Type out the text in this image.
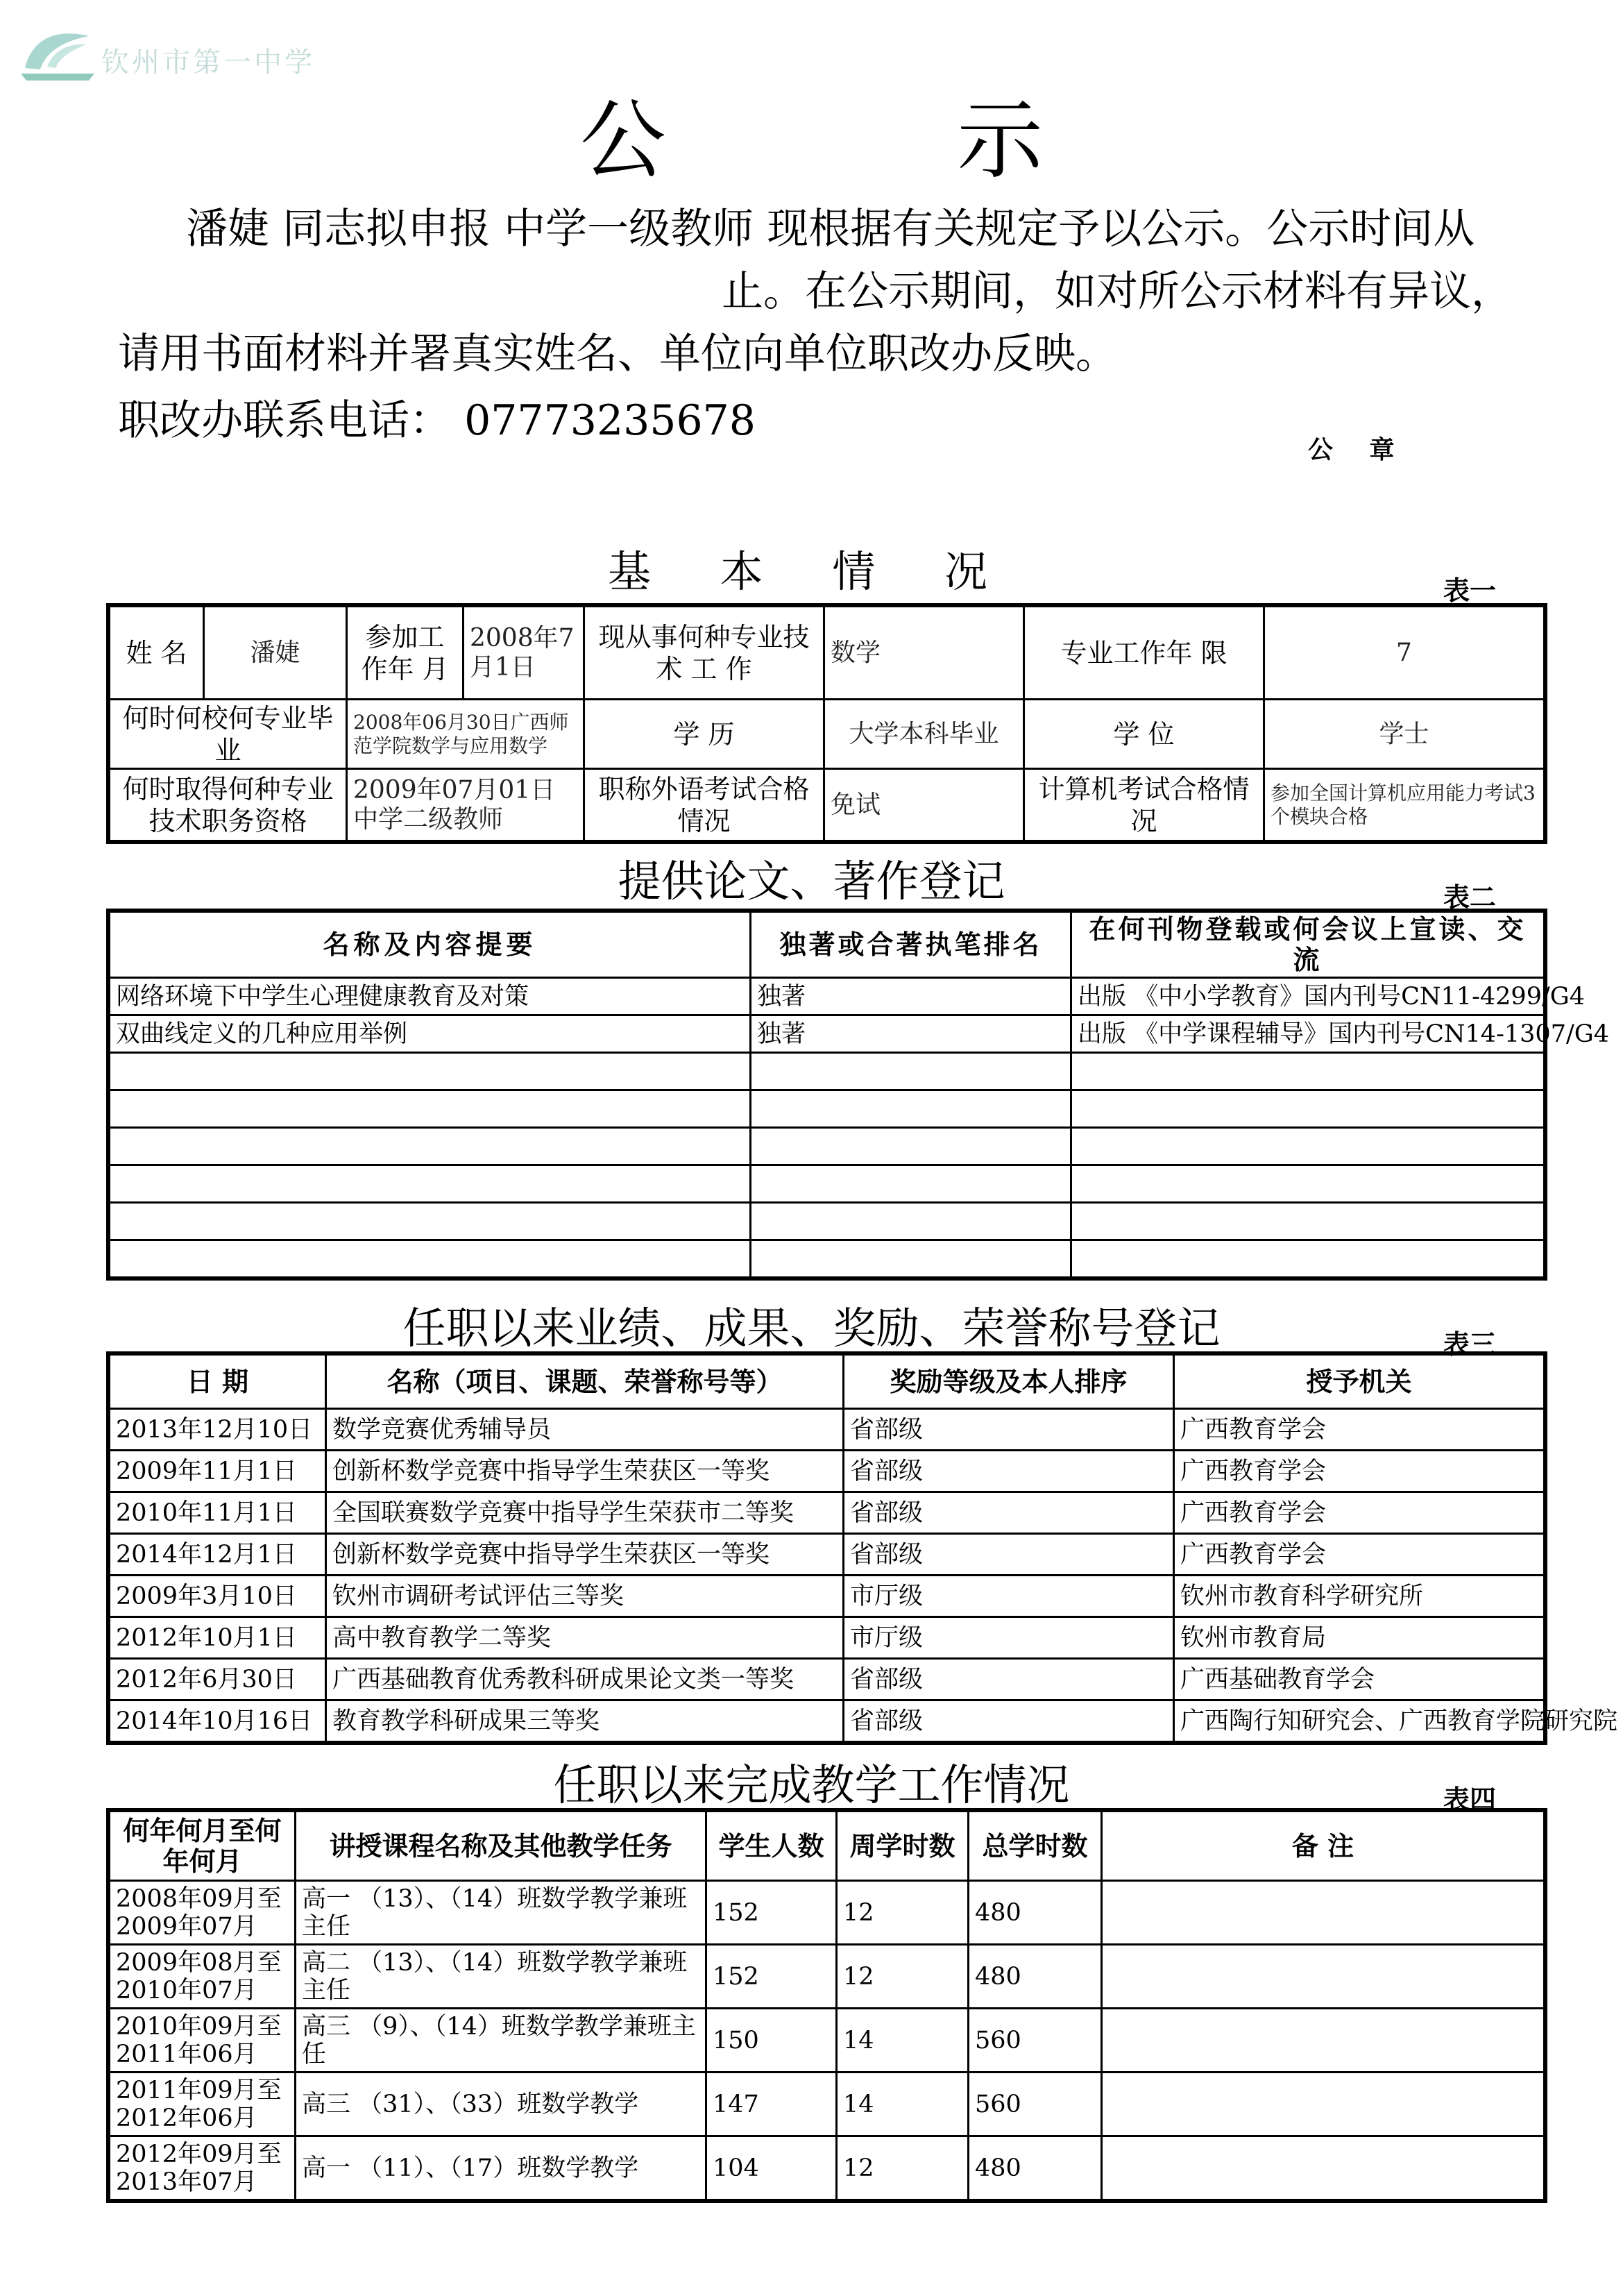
钦州市第一中学
公 示
潘婕 同志拟申报 中学一级教师 现根据有关规定予以公示。公示时间从
止。在公示期间，如对所公示材料有异议，
请用书面材料并署真实姓名、单位向单位职改办反映。
职改办联系电话： 07773235678
公 章
基 本 情 况	表一
姓 名	潘婕	参加工作年 月	2008年7月1日	现从事何种专业技 术 工 作	数学	专业工作年 限	7
何时何校何专业毕 业		2008年06月30日广西师范学院数学与应用数学		学 历	大学本科毕业	学 位	学士
何时取得何种专业技术职务资格		2009年07月01日中学二级教师		职称外语考试合格情况	免试	计算机考试合格情况	参加全国计算机应用能力考试3个模块合格
提供论文、著作登记	表二
名称及内容提要	独著或合著执笔排名	在何刊物登载或何会议上宣读、交流
网络环境下中学生心理健康教育及对策	独著	出版 《中小学教育》国内刊号CN11-4299/G4
双曲线定义的几种应用举例	独著	出版 《中学课程辅导》国内刊号CN14-1307/G4

任职以来业绩、成果、奖励、荣誉称号登记	表三
日 期	名称（项目、课题、荣誉称号等）	奖励等级及本人排序	授予机关
2013年12月10日	数学竞赛优秀辅导员	省部级	广西教育学会
2009年11月1日	创新杯数学竞赛中指导学生荣获区一等奖	省部级	广西教育学会
2010年11月1日	全国联赛数学竞赛中指导学生荣获市二等奖	省部级	广西教育学会
2014年12月1日	创新杯数学竞赛中指导学生荣获区一等奖	省部级	广西教育学会
2009年3月10日	钦州市调研考试评估三等奖	市厅级	钦州市教育科学研究所
2012年10月1日	高中教育教学二等奖	市厅级	钦州市教育局
2012年6月30日	广西基础教育优秀教科研成果论文类一等奖	省部级	广西基础教育学会
2014年10月16日	教育教学科研成果三等奖	省部级	广西陶行知研究会、广西教育学院研究院
任职以来完成教学工作情况	表四
何年何月至何年何月	讲授课程名称及其他教学任务	学生人数	周学时数	总学时数	备 注
2008年09月至2009年07月	高一 （13）、（14）班数学教学兼班主任	152	12	480	
2009年08月至2010年07月	高二 （13）、（14）班数学教学兼班主任	152	12	480	
2010年09月至2011年06月	高三 （9）、（14）班数学教学兼班主任	150	14	560	
2011年09月至2012年06月	高三 （31）、（33）班数学教学	147	14	560	
2012年09月至2013年07月	高一 （11）、（17）班数学教学	104	12	480	
